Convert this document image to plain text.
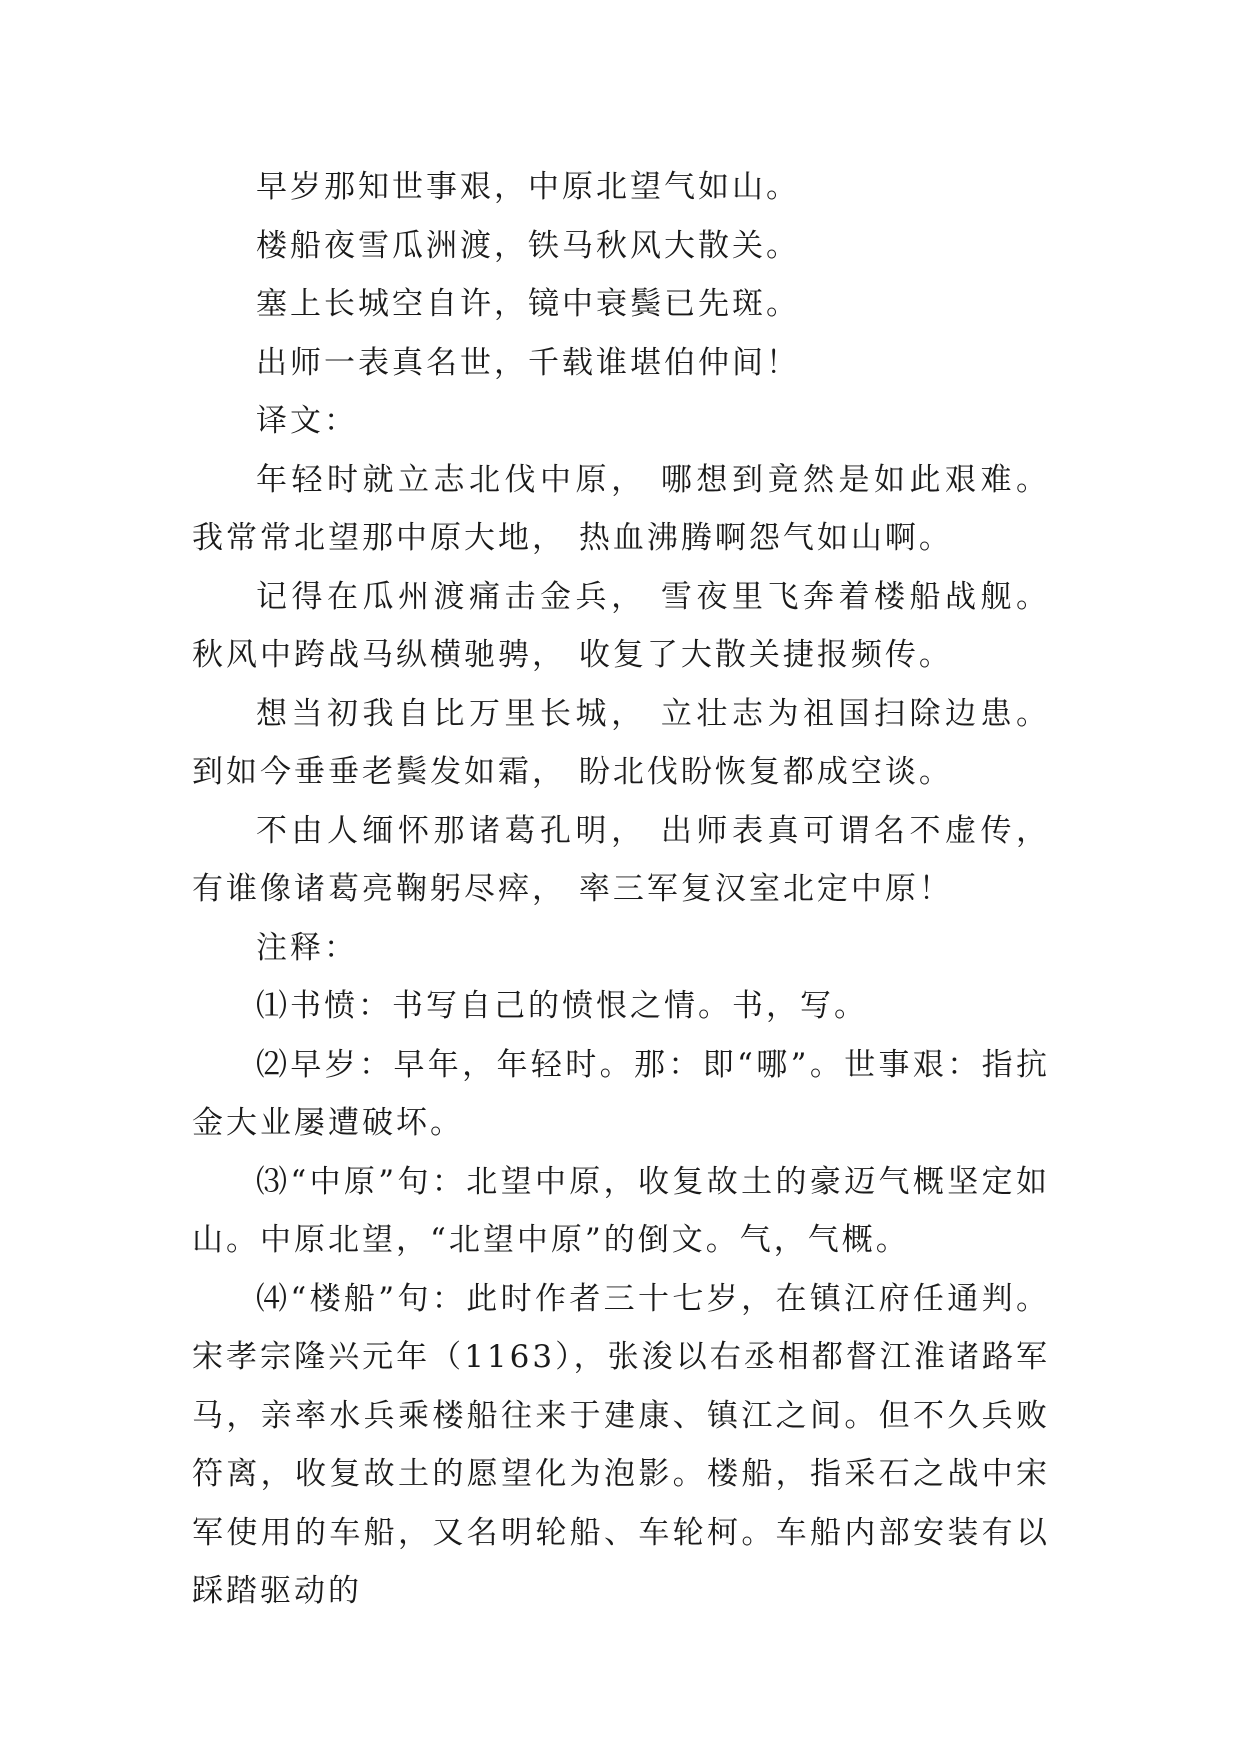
早岁那知世事艰，中原北望气如山。

楼船夜雪瓜洲渡，铁马秋风大散关。

塞上长城空自许，镜中衰鬓已先斑。

出师一表真名世，千载谁堪伯仲间！

译文：

年轻时就立志北伐中原， 哪想到竟然是如此艰难。我常常北望那中原大地， 热血沸腾啊怨气如山啊。

记得在瓜州渡痛击金兵， 雪夜里飞奔着楼船战舰。秋风中跨战马纵横驰骋， 收复了大散关捷报频传。

想当初我自比万里长城， 立壮志为祖国扫除边患。到如今垂垂老鬓发如霜， 盼北伐盼恢复都成空谈。

不由人缅怀那诸葛孔明， 出师表真可谓名不虚传，有谁像诸葛亮鞠躬尽瘁， 率三军复汉室北定中原！

注释：

⑴书愤：书写自己的愤恨之情。书，写。

⑵早岁：早年，年轻时。那：即“哪”。世事艰：指抗金大业屡遭破坏。

⑶“中原”句：北望中原，收复故土的豪迈气概坚定如山。中原北望，“北望中原”的倒文。气，气概。

⑷“楼船”句：此时作者三十七岁，在镇江府任通判。宋孝宗隆兴元年（1163），张浚以右丞相都督江淮诸路军马，亲率水兵乘楼船往来于建康、镇江之间。但不久兵败符离，收复故土的愿望化为泡影。楼船，指采石之战中宋军使用的车船，又名明轮船、车轮柯。车船内部安装有以踩踏驱动的
